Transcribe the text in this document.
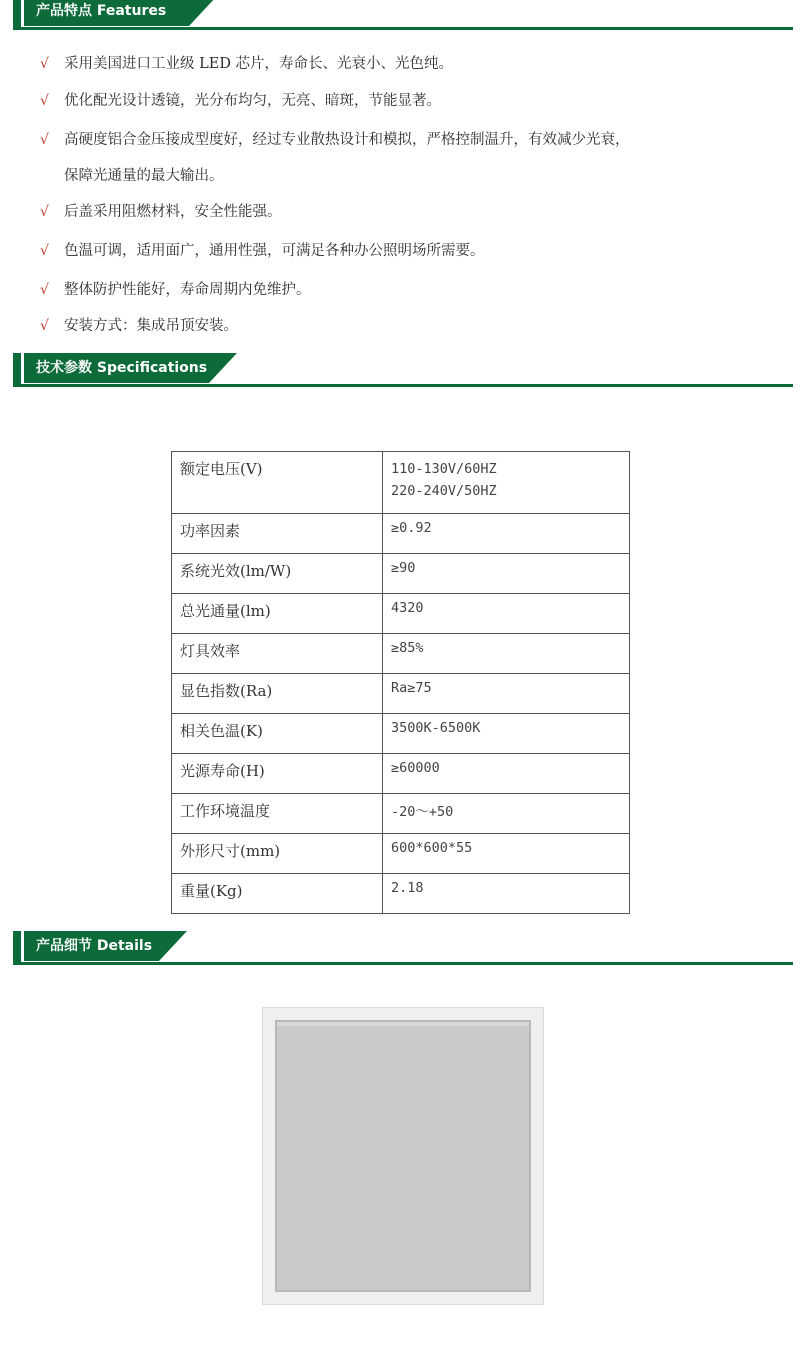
产品特点 Features
√ 采用美国进口工业级 LED 芯片，寿命长、光衰小、光色纯。
√ 优化配光设计透镜，光分布均匀，无亮、暗斑，节能显著。
√ 高硬度铝合金压接成型度好，经过专业散热设计和模拟，严格控制温升，有效减少光衰，
保障光通量的最大输出。
√ 后盖采用阻燃材料，安全性能强。
√ 色温可调，适用面广，通用性强，可满足各种办公照明场所需要。
√ 整体防护性能好，寿命周期内免维护。
√ 安装方式：集成吊顶安装。
技术参数 Specifications
额定电压(V)	110-130V/60HZ
220-240V/50HZ

功率因素	≥0.92
系统光效(lm/W)	≥90
总光通量(lm)	4320
灯具效率	≥85%
显色指数(Ra)	Ra≥75
相关色温(K)	3500K-6500K
光源寿命(H)	≥60000
工作环境温度	-20～+50
外形尺寸(mm)	600*600*55
重量(Kg)	2.18
产品细节 Details
